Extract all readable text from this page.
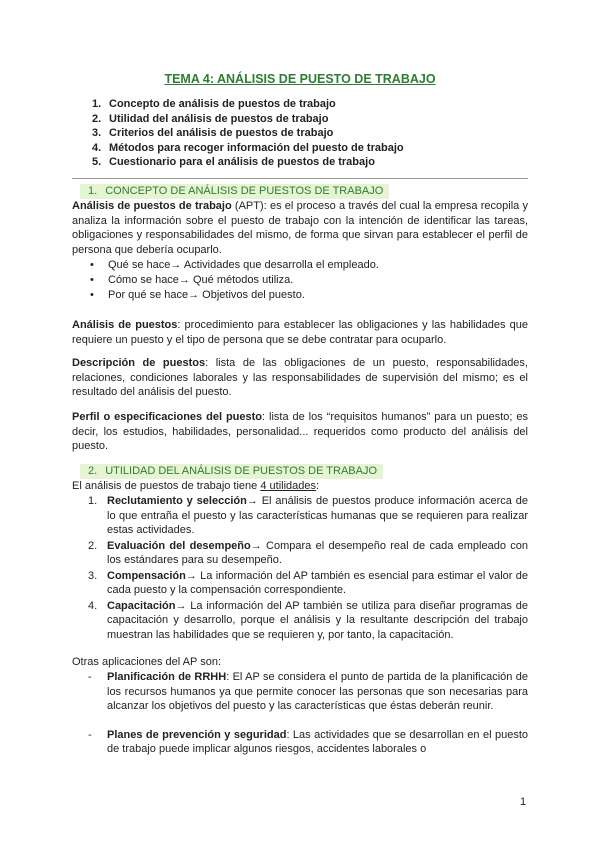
TEMA 4: ANÁLISIS DE PUESTO DE TRABAJO
1. Concepto de análisis de puestos de trabajo
2. Utilidad del análisis de puestos de trabajo
3. Criterios del análisis de puestos de trabajo
4. Métodos para recoger información del puesto de trabajo
5. Cuestionario para el análisis de puestos de trabajo
1. CONCEPTO DE ANÁLISIS DE PUESTOS DE TRABAJO
Análisis de puestos de trabajo (APT): es el proceso a través del cual la empresa recopila y analiza la información sobre el puesto de trabajo con la intención de identificar las tareas, obligaciones y responsabilidades del mismo, de forma que sirvan para establecer el perfil de persona que debería ocuparlo.
• Qué se hace→ Actividades que desarrolla el empleado.
• Cómo se hace→ Qué métodos utiliza.
• Por qué se hace→ Objetivos del puesto.
Análisis de puestos: procedimiento para establecer las obligaciones y las habilidades que requiere un puesto y el tipo de persona que se debe contratar para ocuparlo.
Descripción de puestos: lista de las obligaciones de un puesto, responsabilidades, relaciones, condiciones laborales y las responsabilidades de supervisión del mismo; es el resultado del análisis del puesto.
Perfil o especificaciones del puesto: lista de los “requisitos humanos” para un puesto; es decir, los estudios, habilidades, personalidad... requeridos como producto del análisis del puesto.
2. UTILIDAD DEL ANÁLISIS DE PUESTOS DE TRABAJO
El análisis de puestos de trabajo tiene 4 utilidades:
1. Reclutamiento y selección→ El análisis de puestos produce información acerca de lo que entraña el puesto y las características humanas que se requieren para realizar estas actividades.
2. Evaluación del desempeño→ Compara el desempeño real de cada empleado con los estándares para su desempeño.
3. Compensación→ La información del AP también es esencial para estimar el valor de cada puesto y la compensación correspondiente.
4. Capacitación→ La información del AP también se utiliza para diseñar programas de capacitación y desarrollo, porque el análisis y la resultante descripción del trabajo muestran las habilidades que se requieren y, por tanto, la capacitación.
Otras aplicaciones del AP son:
- Planificación de RRHH: El AP se considera el punto de partida de la planificación de los recursos humanos ya que permite conocer las personas que son necesarias para alcanzar los objetivos del puesto y las características que éstas deberán reunir.
- Planes de prevención y seguridad: Las actividades que se desarrollan en el puesto de trabajo puede implicar algunos riesgos, accidentes laborales o
1
